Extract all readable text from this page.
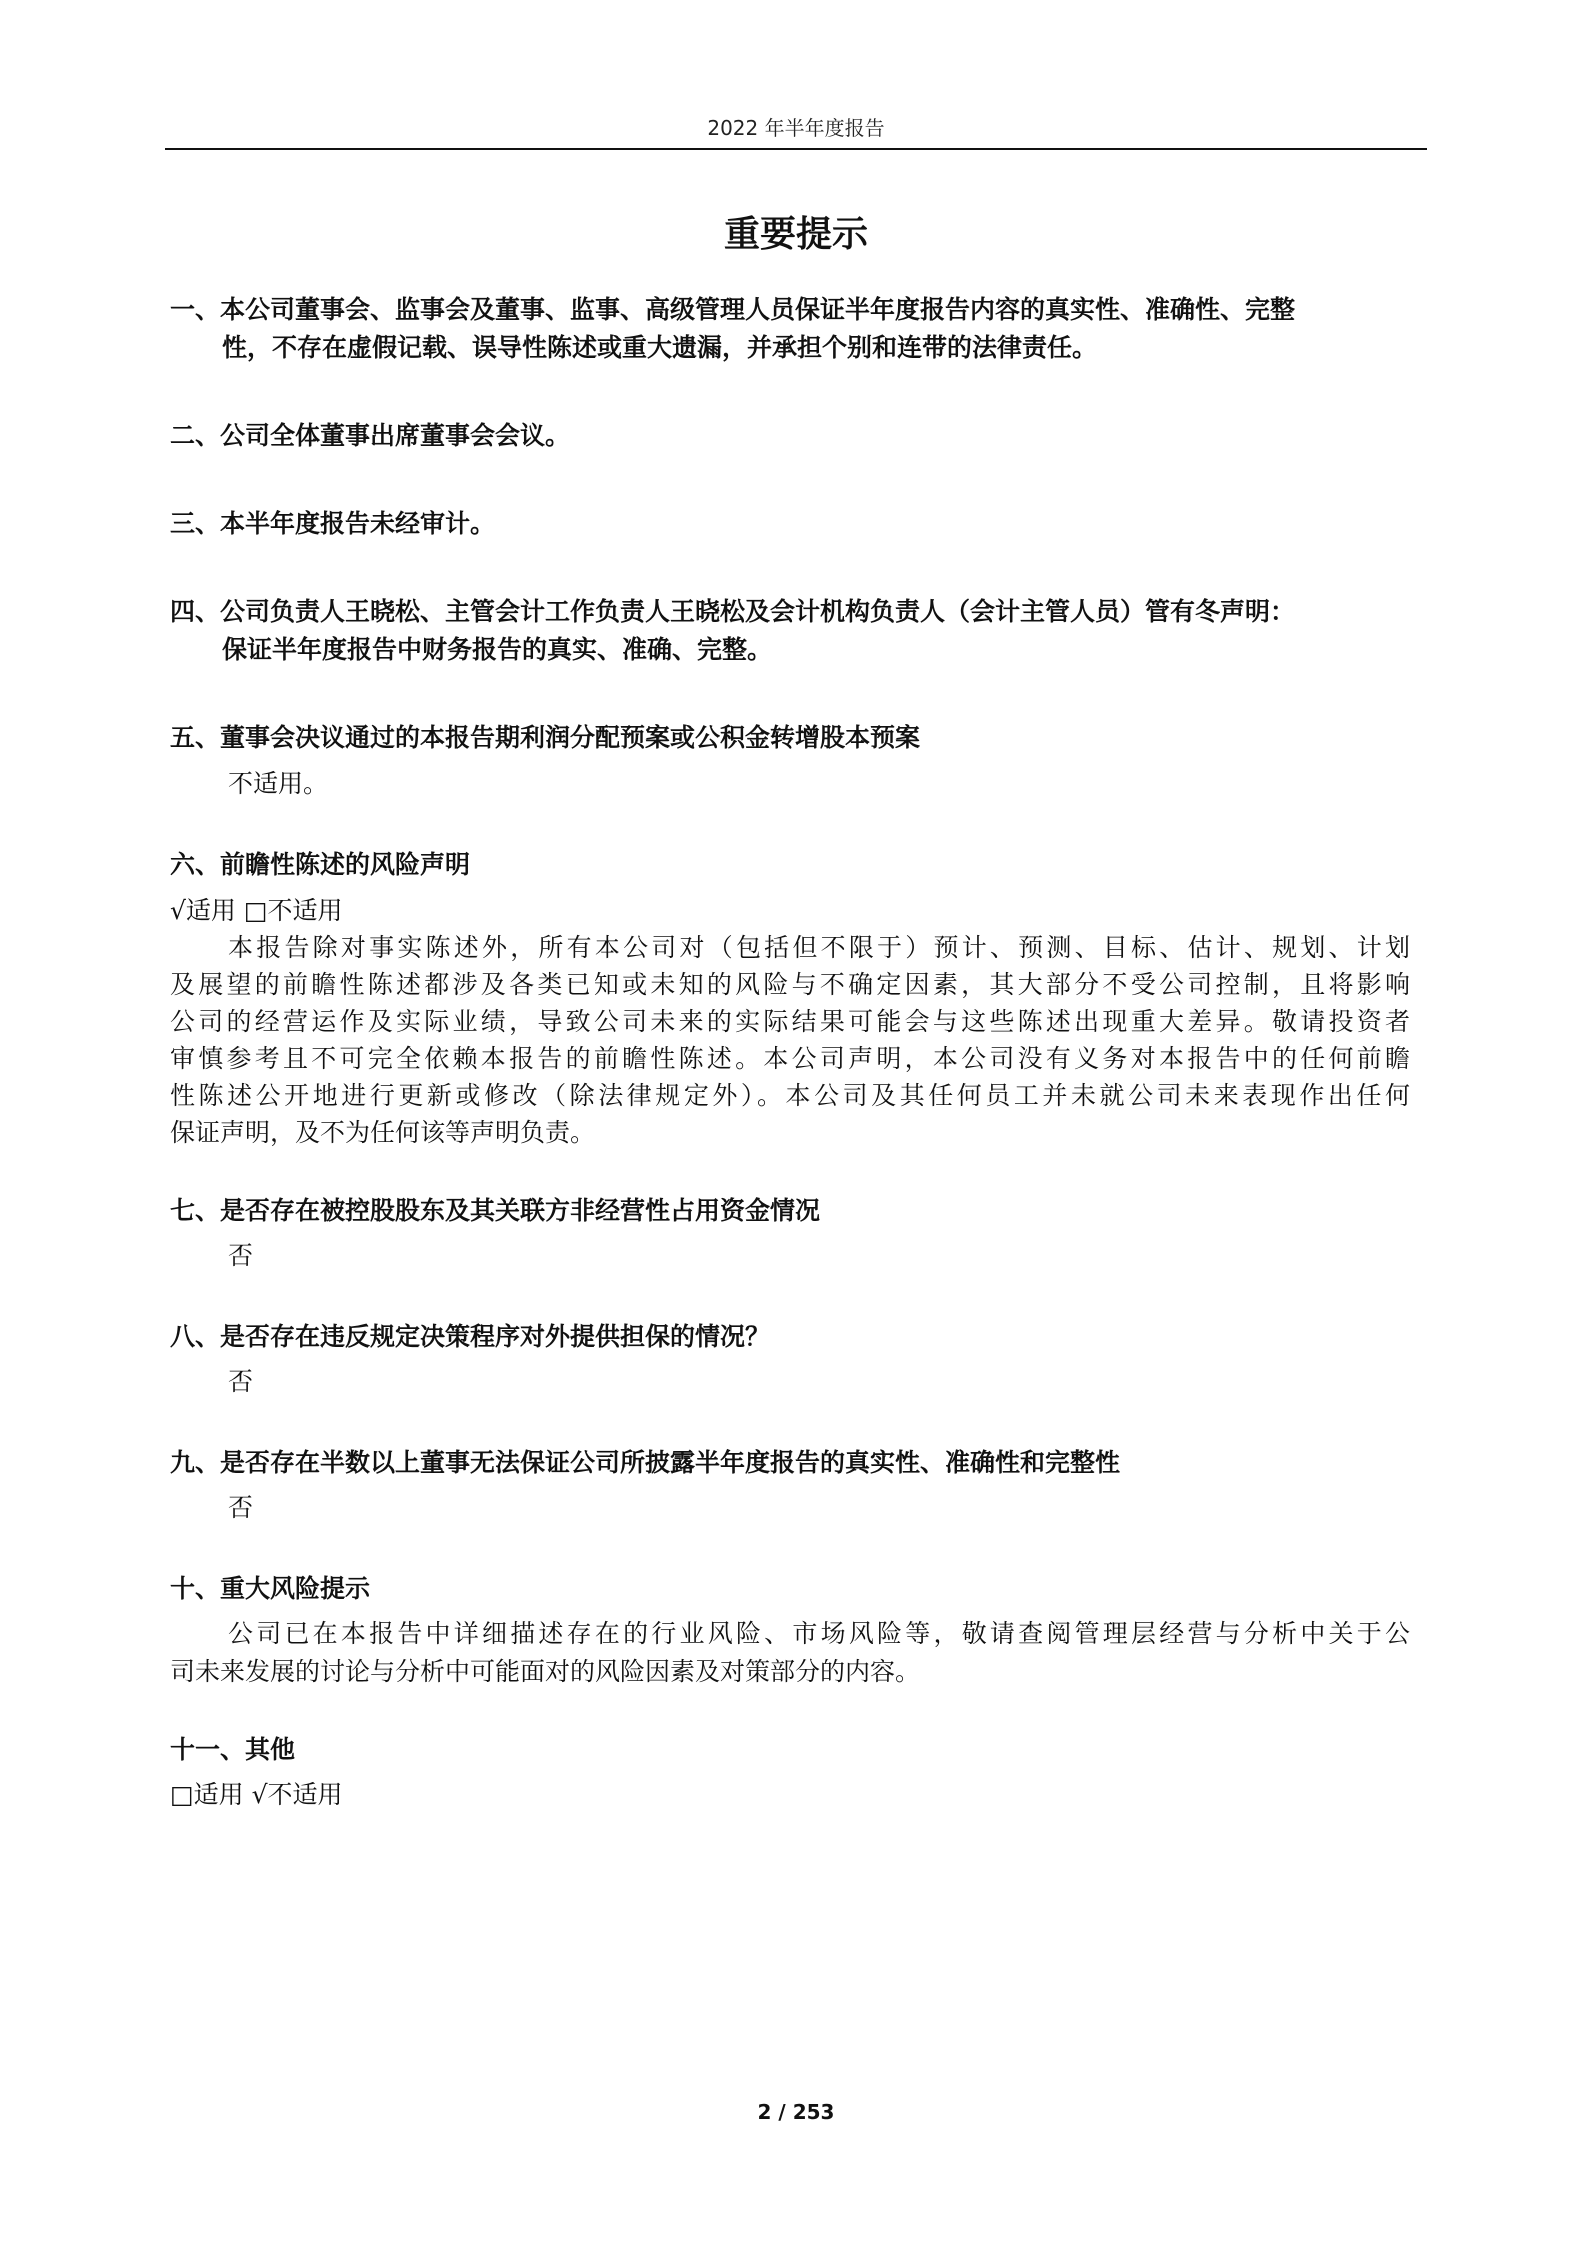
2022 年半年度报告
重要提示
一、本公司董事会、监事会及董事、监事、高级管理人员保证半年度报告内容的真实性、准确性、完整
性，不存在虚假记载、误导性陈述或重大遗漏，并承担个别和连带的法律责任。
二、公司全体董事出席董事会会议。
三、本半年度报告未经审计。
四、公司负责人王晓松、主管会计工作负责人王晓松及会计机构负责人（会计主管人员）管有冬声明：
保证半年度报告中财务报告的真实、准确、完整。
五、董事会决议通过的本报告期利润分配预案或公积金转增股本预案
不适用。
六、前瞻性陈述的风险声明
√适用 □不适用
本报告除对事实陈述外，所有本公司对（包括但不限于）预计、预测、目标、估计、规划、计划
及展望的前瞻性陈述都涉及各类已知或未知的风险与不确定因素，其大部分不受公司控制，且将影响
公司的经营运作及实际业绩，导致公司未来的实际结果可能会与这些陈述出现重大差异。敬请投资者
审慎参考且不可完全依赖本报告的前瞻性陈述。本公司声明，本公司没有义务对本报告中的任何前瞻
性陈述公开地进行更新或修改（除法律规定外）。本公司及其任何员工并未就公司未来表现作出任何
保证声明，及不为任何该等声明负责。
七、是否存在被控股股东及其关联方非经营性占用资金情况
否
八、是否存在违反规定决策程序对外提供担保的情况？
否
九、是否存在半数以上董事无法保证公司所披露半年度报告的真实性、准确性和完整性
否
十、重大风险提示
公司已在本报告中详细描述存在的行业风险、市场风险等，敬请查阅管理层经营与分析中关于公
司未来发展的讨论与分析中可能面对的风险因素及对策部分的内容。
十一、其他
□适用 √不适用
2 / 253
